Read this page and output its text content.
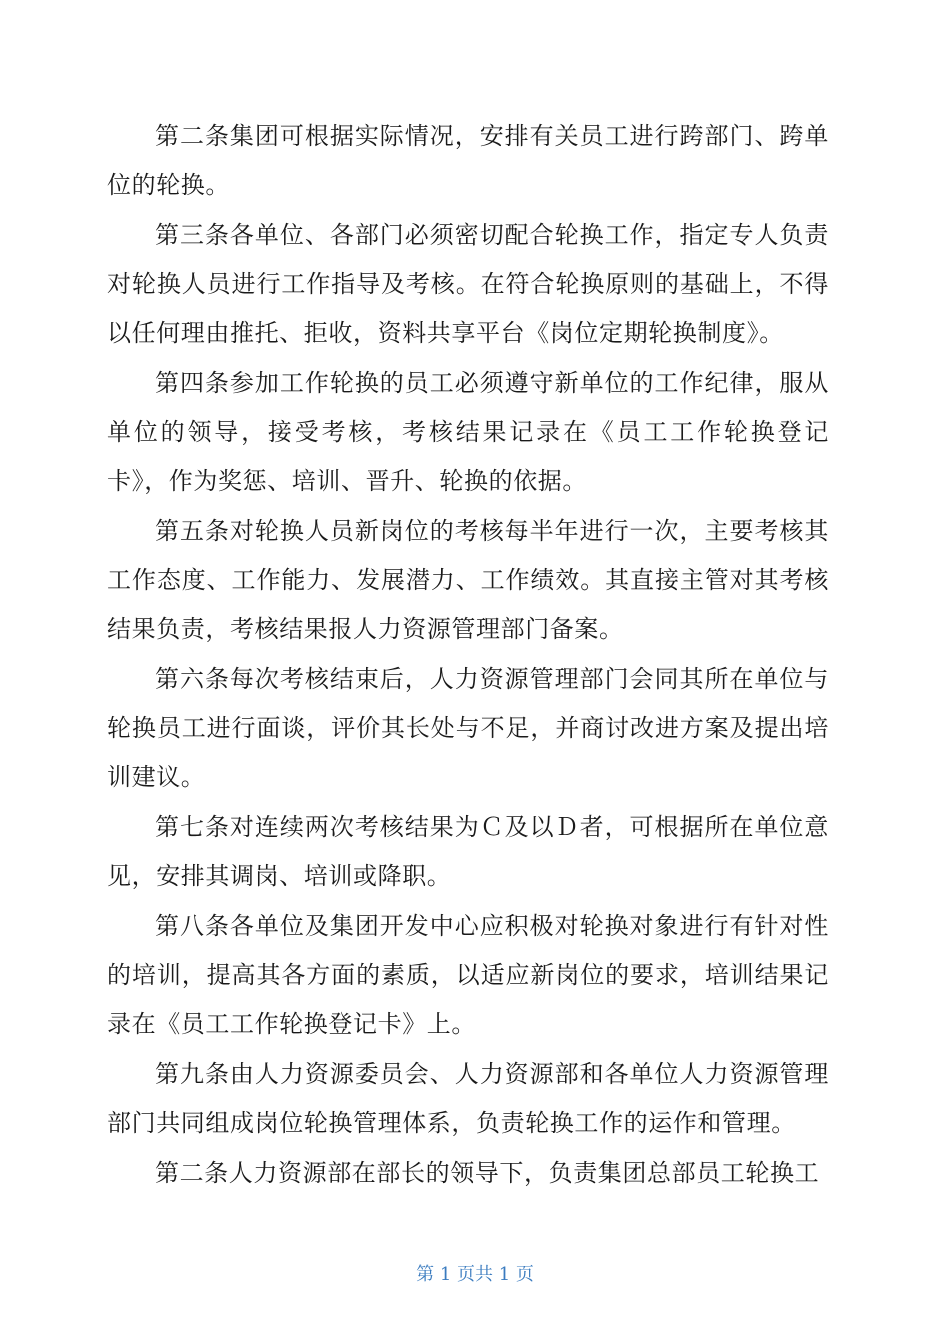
第二条集团可根据实际情况，安排有关员工进行跨部门、跨单位的轮换。

第三条各单位、各部门必须密切配合轮换工作，指定专人负责对轮换人员进行工作指导及考核。在符合轮换原则的基础上，不得以任何理由推托、拒收，资料共享平台《岗位定期轮换制度》。

第四条参加工作轮换的员工必须遵守新单位的工作纪律，服从单位的领导，接受考核，考核结果记录在《员工工作轮换登记卡》，作为奖惩、培训、晋升、轮换的依据。

第五条对轮换人员新岗位的考核每半年进行一次，主要考核其工作态度、工作能力、发展潜力、工作绩效。其直接主管对其考核结果负责，考核结果报人力资源管理部门备案。

第六条每次考核结束后，人力资源管理部门会同其所在单位与轮换员工进行面谈，评价其长处与不足，并商讨改进方案及提出培训建议。

第七条对连续两次考核结果为Ｃ及以Ｄ者，可根据所在单位意见，安排其调岗、培训或降职。

第八条各单位及集团开发中心应积极对轮换对象进行有针对性的培训，提高其各方面的素质，以适应新岗位的要求，培训结果记录在《员工工作轮换登记卡》上。

第九条由人力资源委员会、人力资源部和各单位人力资源管理部门共同组成岗位轮换管理体系，负责轮换工作的运作和管理。

第二条人力资源部在部长的领导下，负责集团总部员工轮换工

第 1 页共 1 页
